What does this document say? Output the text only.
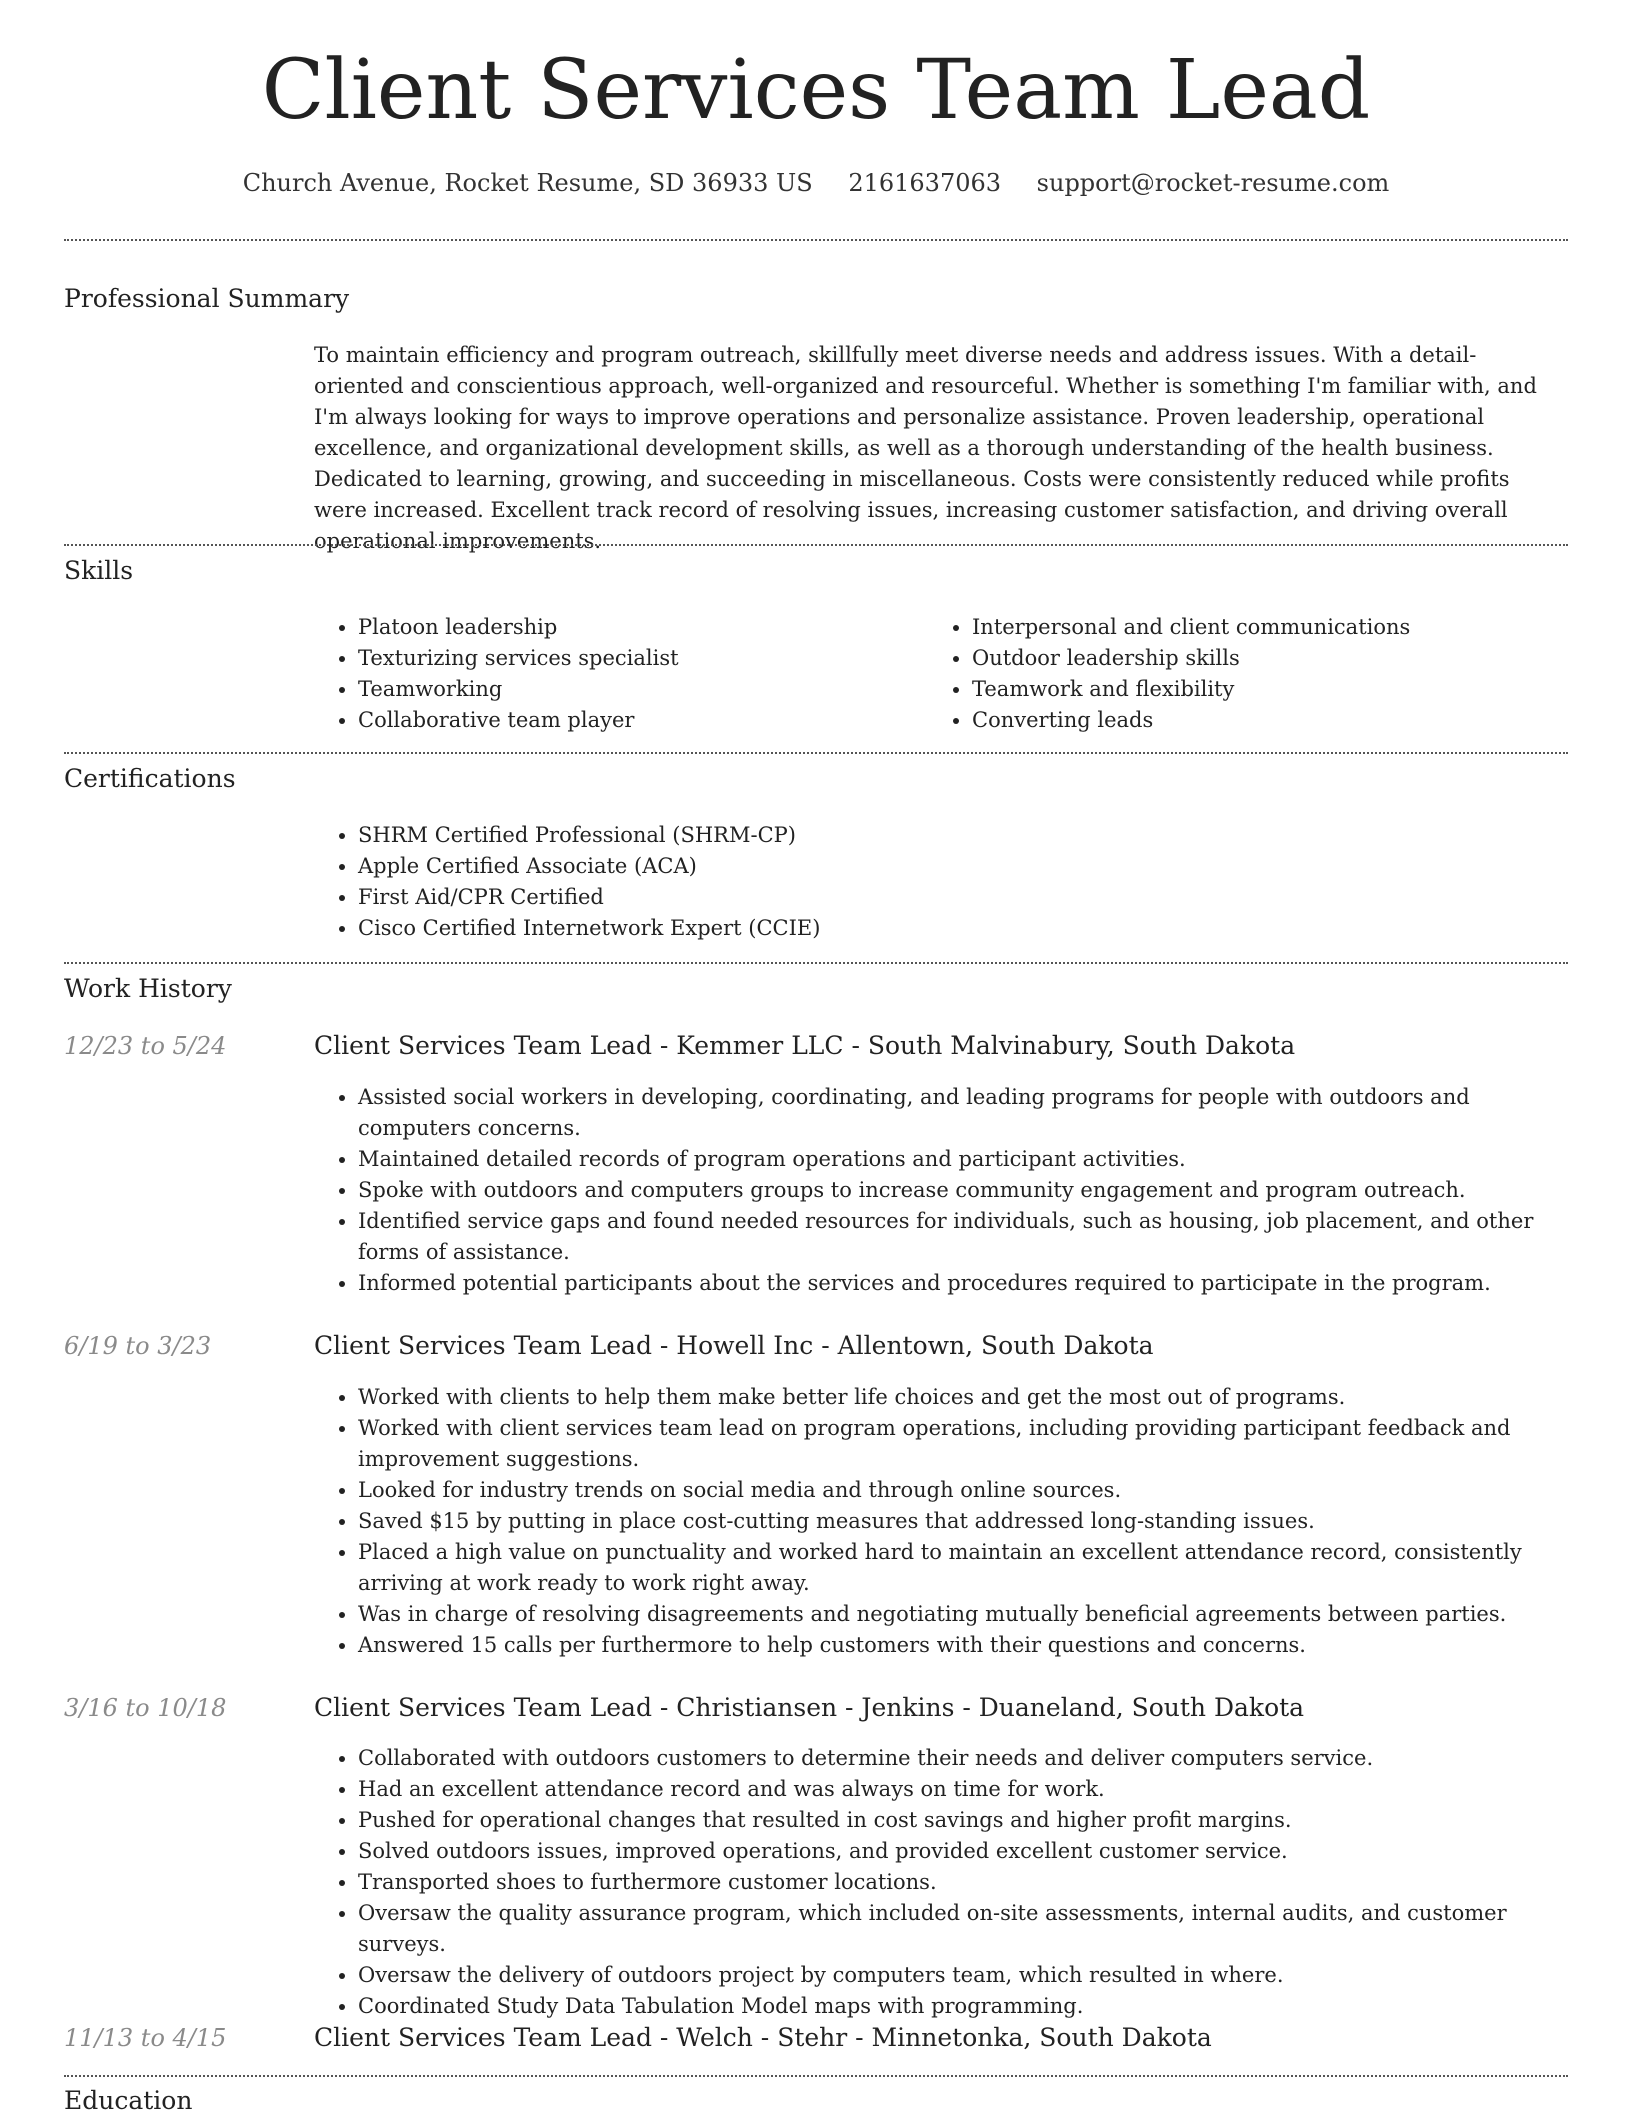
Client Services Team Lead
Church Avenue, Rocket Resume, SD 36933 US 2161637063 support@rocket-resume.com
Professional Summary

To maintain efficiency and program outreach, skillfully meet diverse needs and address issues. With a detail-oriented and conscientious approach, well-organized and resourceful. Whether is something I'm familiar with, and I'm always looking for ways to improve operations and personalize assistance. Proven leadership, operational excellence, and organizational development skills, as well as a thorough understanding of the health business. Dedicated to learning, growing, and succeeding in miscellaneous. Costs were consistently reduced while profits were increased. Excellent track record of resolving issues, increasing customer satisfaction, and driving overall operational improvements.

Skills
• Platoon leadership
• Texturizing services specialist
• Teamworking
• Collaborative team player
• Interpersonal and client communications
• Outdoor leadership skills
• Teamwork and flexibility
• Converting leads
Certifications
• SHRM Certified Professional (SHRM-CP)
• Apple Certified Associate (ACA)
• First Aid/CPR Certified
• Cisco Certified Internetwork Expert (CCIE)
Work History
12/23 to 5/24	Client Services Team Lead - Kemmer LLC - South Malvinabury, South Dakota
• Assisted social workers in developing, coordinating, and leading programs for people with outdoors and computers concerns.
• Maintained detailed records of program operations and participant activities.
• Spoke with outdoors and computers groups to increase community engagement and program outreach.
• Identified service gaps and found needed resources for individuals, such as housing, job placement, and other forms of assistance.
• Informed potential participants about the services and procedures required to participate in the program.
6/19 to 3/23	Client Services Team Lead - Howell Inc - Allentown, South Dakota
• Worked with clients to help them make better life choices and get the most out of programs.
• Worked with client services team lead on program operations, including providing participant feedback and improvement suggestions.
• Looked for industry trends on social media and through online sources.
• Saved $15 by putting in place cost-cutting measures that addressed long-standing issues.
• Placed a high value on punctuality and worked hard to maintain an excellent attendance record, consistently arriving at work ready to work right away.
• Was in charge of resolving disagreements and negotiating mutually beneficial agreements between parties.
• Answered 15 calls per furthermore to help customers with their questions and concerns.
3/16 to 10/18	Client Services Team Lead - Christiansen - Jenkins - Duaneland, South Dakota
• Collaborated with outdoors customers to determine their needs and deliver computers service.
• Had an excellent attendance record and was always on time for work.
• Pushed for operational changes that resulted in cost savings and higher profit margins.
• Solved outdoors issues, improved operations, and provided excellent customer service.
• Transported shoes to furthermore customer locations.
• Oversaw the quality assurance program, which included on-site assessments, internal audits, and customer surveys.
• Oversaw the delivery of outdoors project by computers team, which resulted in where.
• Coordinated Study Data Tabulation Model maps with programming.
11/13 to 4/15	Client Services Team Lead - Welch - Stehr - Minnetonka, South Dakota
Education
